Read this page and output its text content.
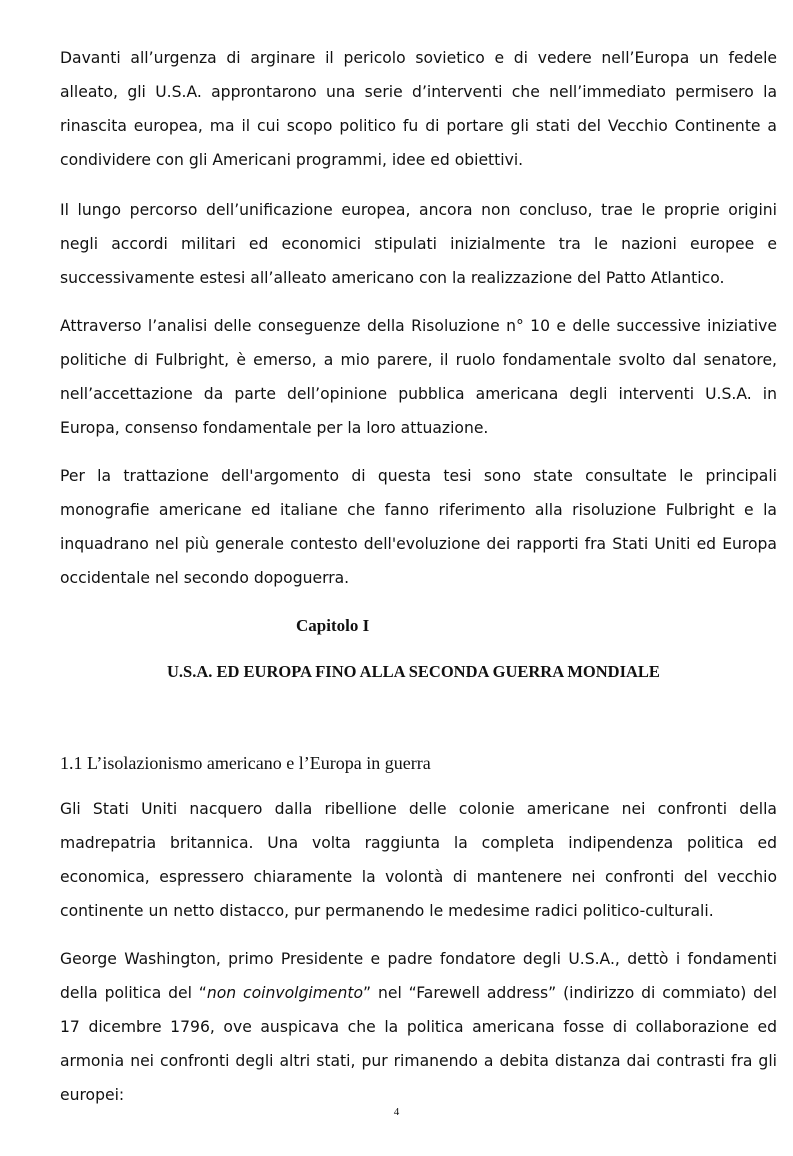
Davanti all’urgenza di arginare il pericolo sovietico e di vedere nell’Europa un fedele alleato, gli U.S.A. approntarono una serie d’interventi che nell’immediato permisero la rinascita europea, ma il cui scopo politico fu di portare gli stati del Vecchio Continente a condividere con gli Americani programmi, idee ed obiettivi.

Il lungo percorso dell’unificazione europea, ancora non concluso, trae le proprie origini negli accordi militari ed economici stipulati inizialmente tra le nazioni europee e successivamente estesi all’alleato americano con la realizzazione del Patto Atlantico.

Attraverso l’analisi delle conseguenze della Risoluzione n° 10 e delle successive iniziative politiche di Fulbright, è emerso, a mio parere, il ruolo fondamentale svolto dal senatore, nell’accettazione da parte dell’opinione pubblica americana degli interventi U.S.A. in Europa, consenso fondamentale per la loro attuazione.

Per la trattazione dell'argomento di questa tesi sono state consultate le principali monografie americane ed italiane che fanno riferimento alla risoluzione Fulbright e la inquadrano nel più generale contesto dell'evoluzione dei rapporti fra Stati Uniti ed Europa occidentale nel secondo dopoguerra.

Capitolo I
U.S.A. ED EUROPA FINO ALLA SECONDA GUERRA MONDIALE
1.1 L’isolazionismo americano e l’Europa in guerra

Gli Stati Uniti nacquero dalla ribellione delle colonie americane nei confronti della madrepatria britannica. Una volta raggiunta la completa indipendenza politica ed economica, espressero chiaramente la volontà di mantenere nei confronti del vecchio continente un netto distacco, pur permanendo le medesime radici politico-culturali.

George Washington, primo Presidente e padre fondatore degli U.S.A., dettò i fondamenti della politica del “non coinvolgimento” nel “Farewell address” (indirizzo di commiato) del 17 dicembre 1796, ove auspicava che la politica americana fosse di collaborazione ed armonia nei confronti degli altri stati, pur rimanendo a debita distanza dai contrasti fra gli europei:

4
